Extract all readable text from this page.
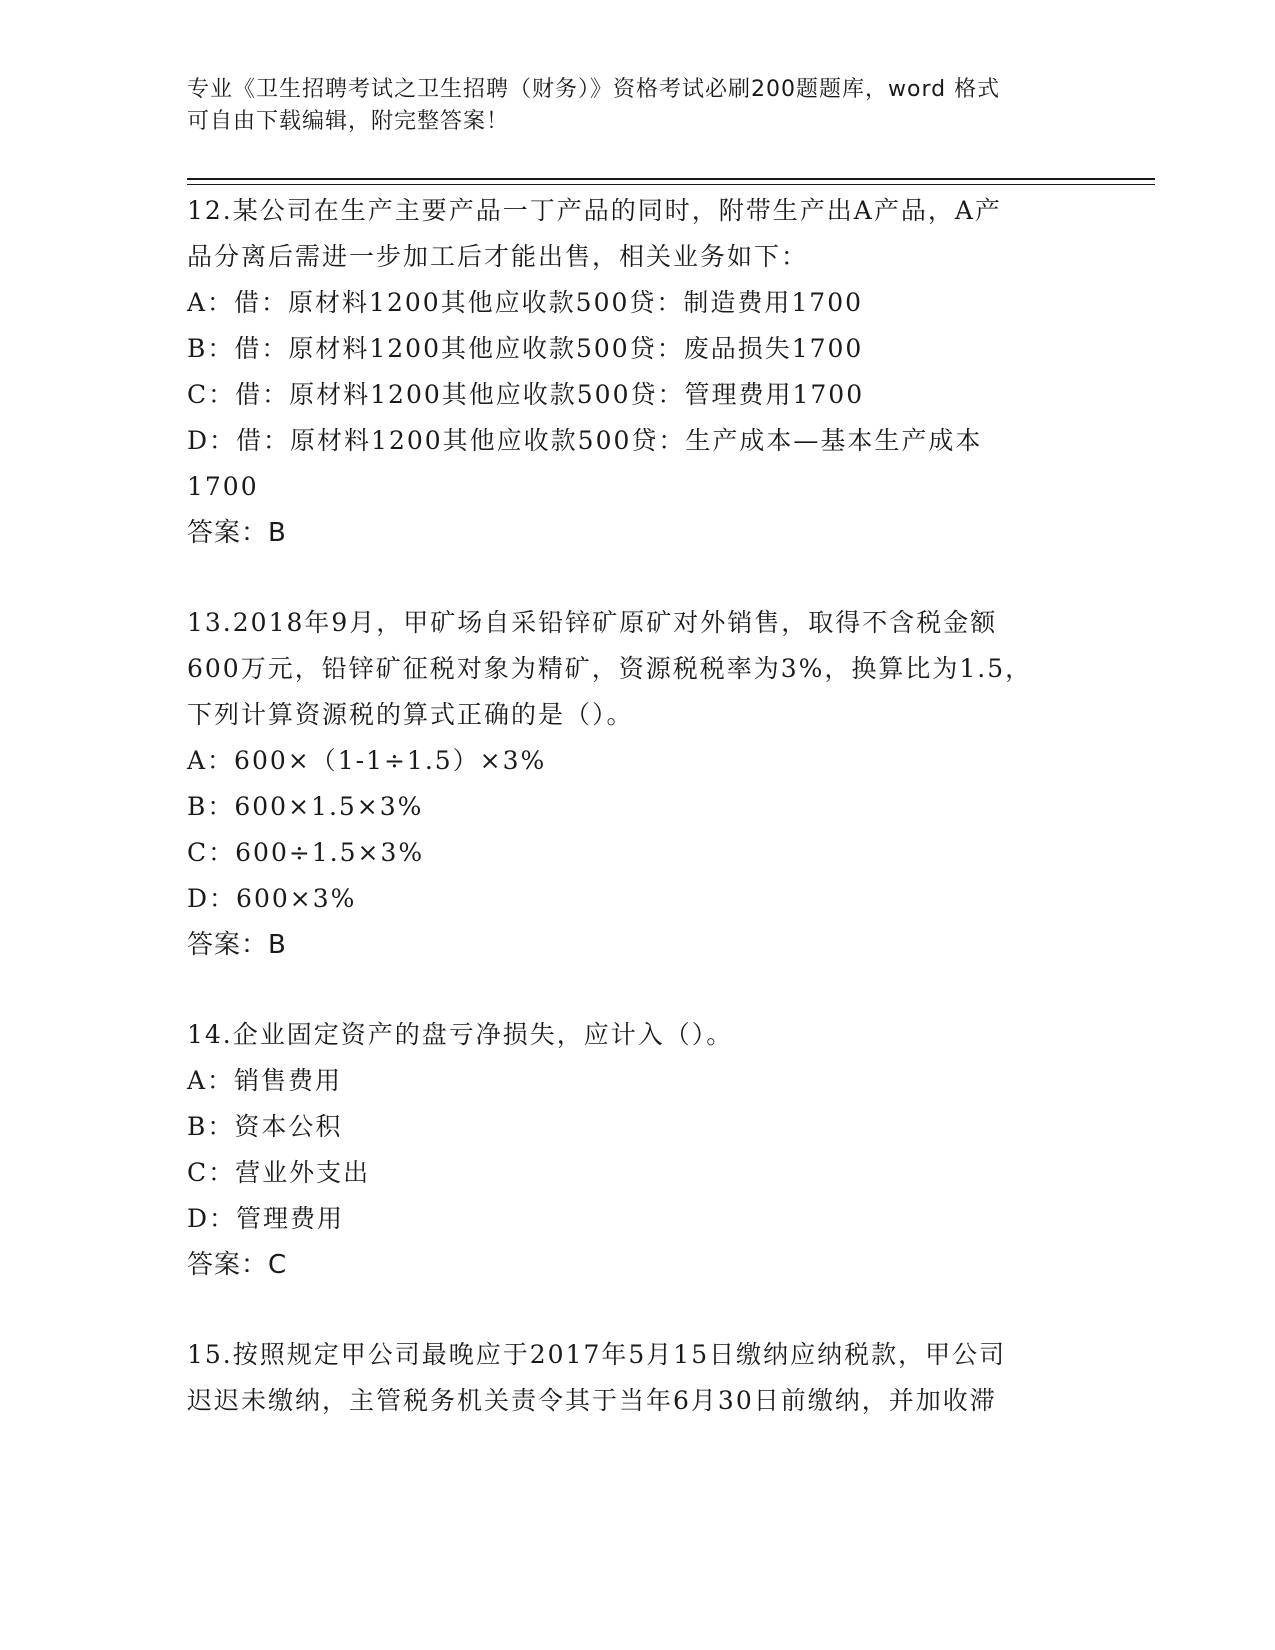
专业《卫生招聘考试之卫生招聘（财务）》资格考试必刷200题题库，word 格式
可自由下载编辑，附完整答案！
12.某公司在生产主要产品一丁产品的同时，附带生产出A产品，A产
品分离后需进一步加工后才能出售，相关业务如下：
A：借：原材料1200其他应收款500贷：制造费用1700
B：借：原材料1200其他应收款500贷：废品损失1700
C：借：原材料1200其他应收款500贷：管理费用1700
D：借：原材料1200其他应收款500贷：生产成本—基本生产成本
1700
答案：B
13.2018年9月，甲矿场自采铅锌矿原矿对外销售，取得不含税金额
600万元，铅锌矿征税对象为精矿，资源税税率为3%，换算比为1.5，
下列计算资源税的算式正确的是（）。
A：600×（1-1÷1.5）×3%
B：600×1.5×3%
C：600÷1.5×3%
D：600×3%
答案：B
14.企业固定资产的盘亏净损失，应计入（）。
A：销售费用
B：资本公积
C：营业外支出
D：管理费用
答案：C
15.按照规定甲公司最晚应于2017年5月15日缴纳应纳税款，甲公司
迟迟未缴纳，主管税务机关责令其于当年6月30日前缴纳，并加收滞
